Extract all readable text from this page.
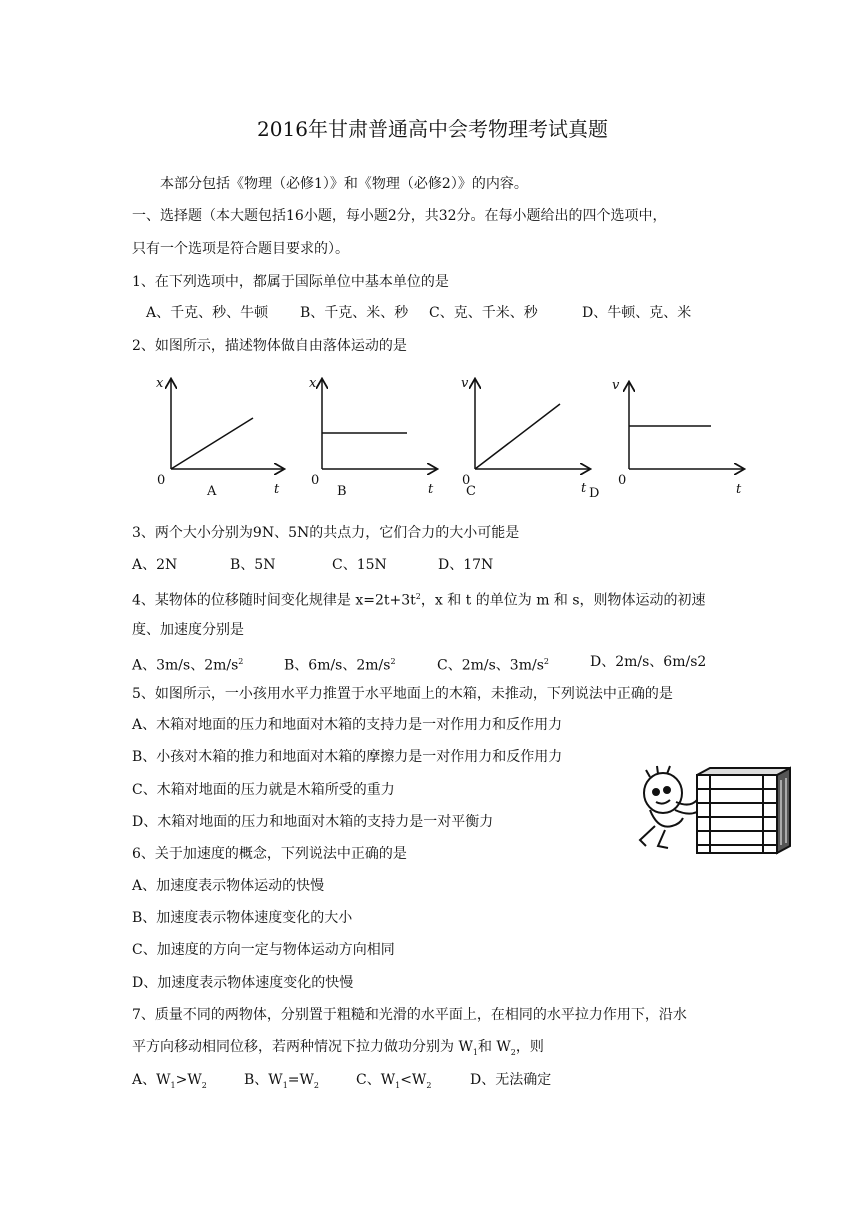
2016年甘肃普通高中会考物理考试真题
本部分包括《物理（必修1）》和《物理（必修2）》的内容。
一、选择题（本大题包括16小题，每小题2分，共32分。在每小题给出的四个选项中，
只有一个选项是符合题目要求的）。
1、在下列选项中，都属于国际单位中基本单位的是
A、千克、秒、牛顿 B、千克、米、秒 C、克、千米、秒	D、牛顿、克、米
2、如图所示，描述物体做自由落体运动的是
x
0
A	t
x
0
B	t
v
0
C	t
v
0
D	t
3、两个大小分别为9N、5N的共点力，它们合力的大小可能是
A、2N	B、5N	C、15N	D、17N
4、某物体的位移随时间变化规律是 $x=2t+3t^2$，x 和 t 的单位为 m 和 s，则物体运动的初速
度、加速度分别是
A、3m/s、$2m/s^2$	B、6m/s、$2m/s^2$	C、2m/s、$3m/s^2$	D、2m/s、6m/s2
5、如图所示，一小孩用水平力推置于水平地面上的木箱，未推动，下列说法中正确的是
A、木箱对地面的压力和地面对木箱的支持力是一对作用力和反作用力
B、小孩对木箱的推力和地面对木箱的摩擦力是一对作用力和反作用力
C、木箱对地面的压力就是木箱所受的重力
D、木箱对地面的压力和地面对木箱的支持力是一对平衡力
6、关于加速度的概念，下列说法中正确的是
A、加速度表示物体运动的快慢
B、加速度表示物体速度变化的大小
C、加速度的方向一定与物体运动方向相同
D、加速度表示物体速度变化的快慢
7、质量不同的两物体，分别置于粗糙和光滑的水平面上，在相同的水平拉力作用下，沿水
平方向移动相同位移，若两种情况下拉力做功分别为 $W_1$和 $W_2$，则
A、$W_1>W_2$	B、$W_1=W_2$	C、$W_1<W_2$	D、无法确定
